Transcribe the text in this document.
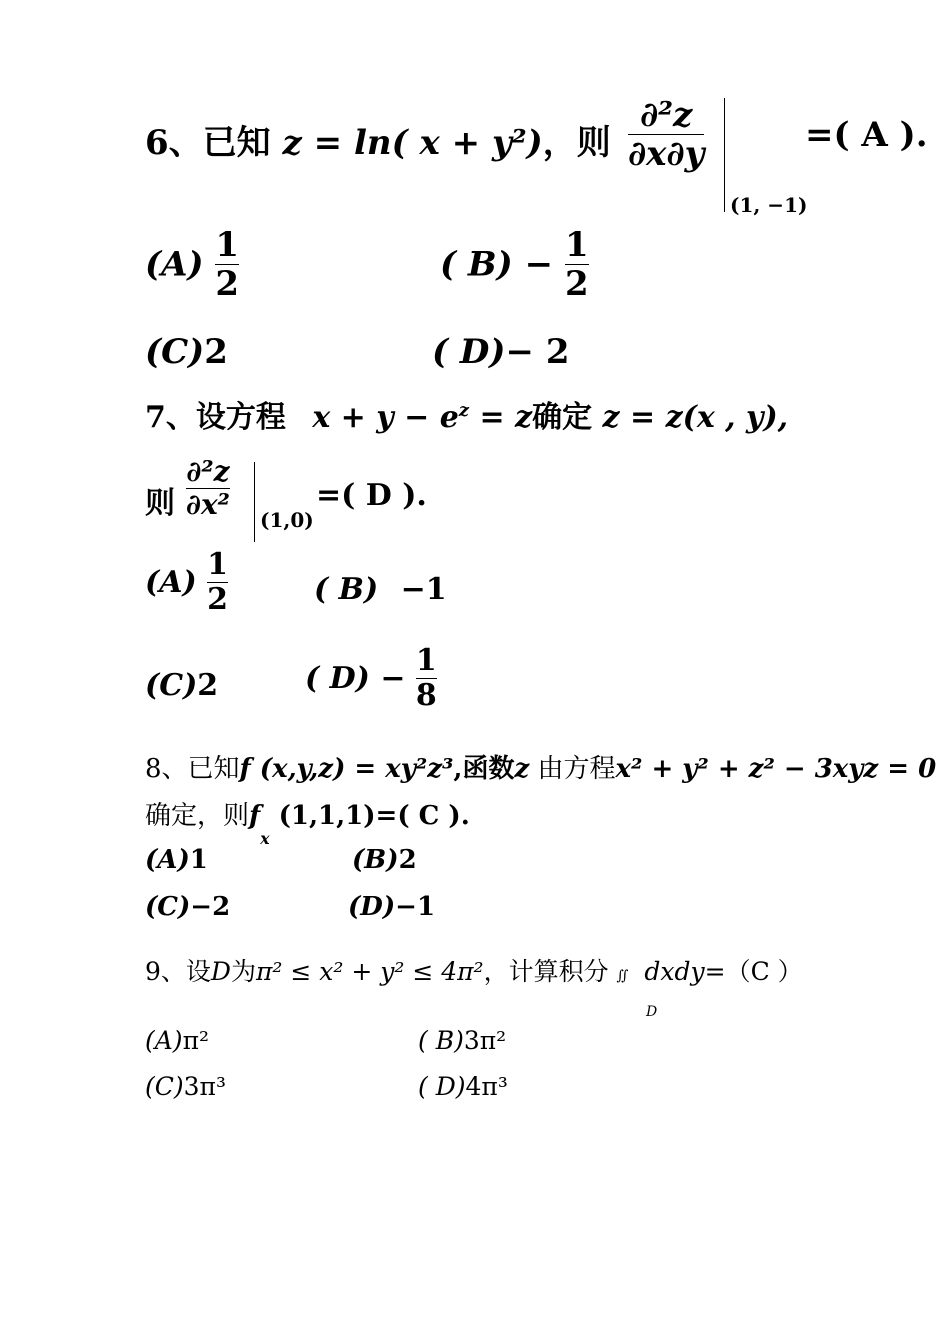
6、已知 z = ln( x + y²)，则 $\frac{\text{∂²z}}{\partial x\partial y}$
(1, −1)
=( A ).
$(A) \frac{1}{2}$	( $B) - \frac{1}{2}$
(C)2	( D)− 2
7、设方程 $x + y - e^z = z$确定 z = z(x , y),
则 $\frac{\text{∂²z}}{\text{∂x²}}$
(1,0)
=( D ).
$(A) \frac{1}{2}$	( B) −1
(C)2	( $D) - \frac{1}{8}$
8、已知f (x,y,z) = xy²z³,函数z 由方程x² + y² + z² − 3xyz = 0
确定，则$f_x$ (1,1,1)=( C ).
(A)1	(B)2
(C)−2	(D)−1
9、设D为π² ≤ x² + y² ≤ 4π²，计算积分 ∬ dxdy=（C ）
D
(A)π²	( B)3π²
(C)3π³	( D)4π³
